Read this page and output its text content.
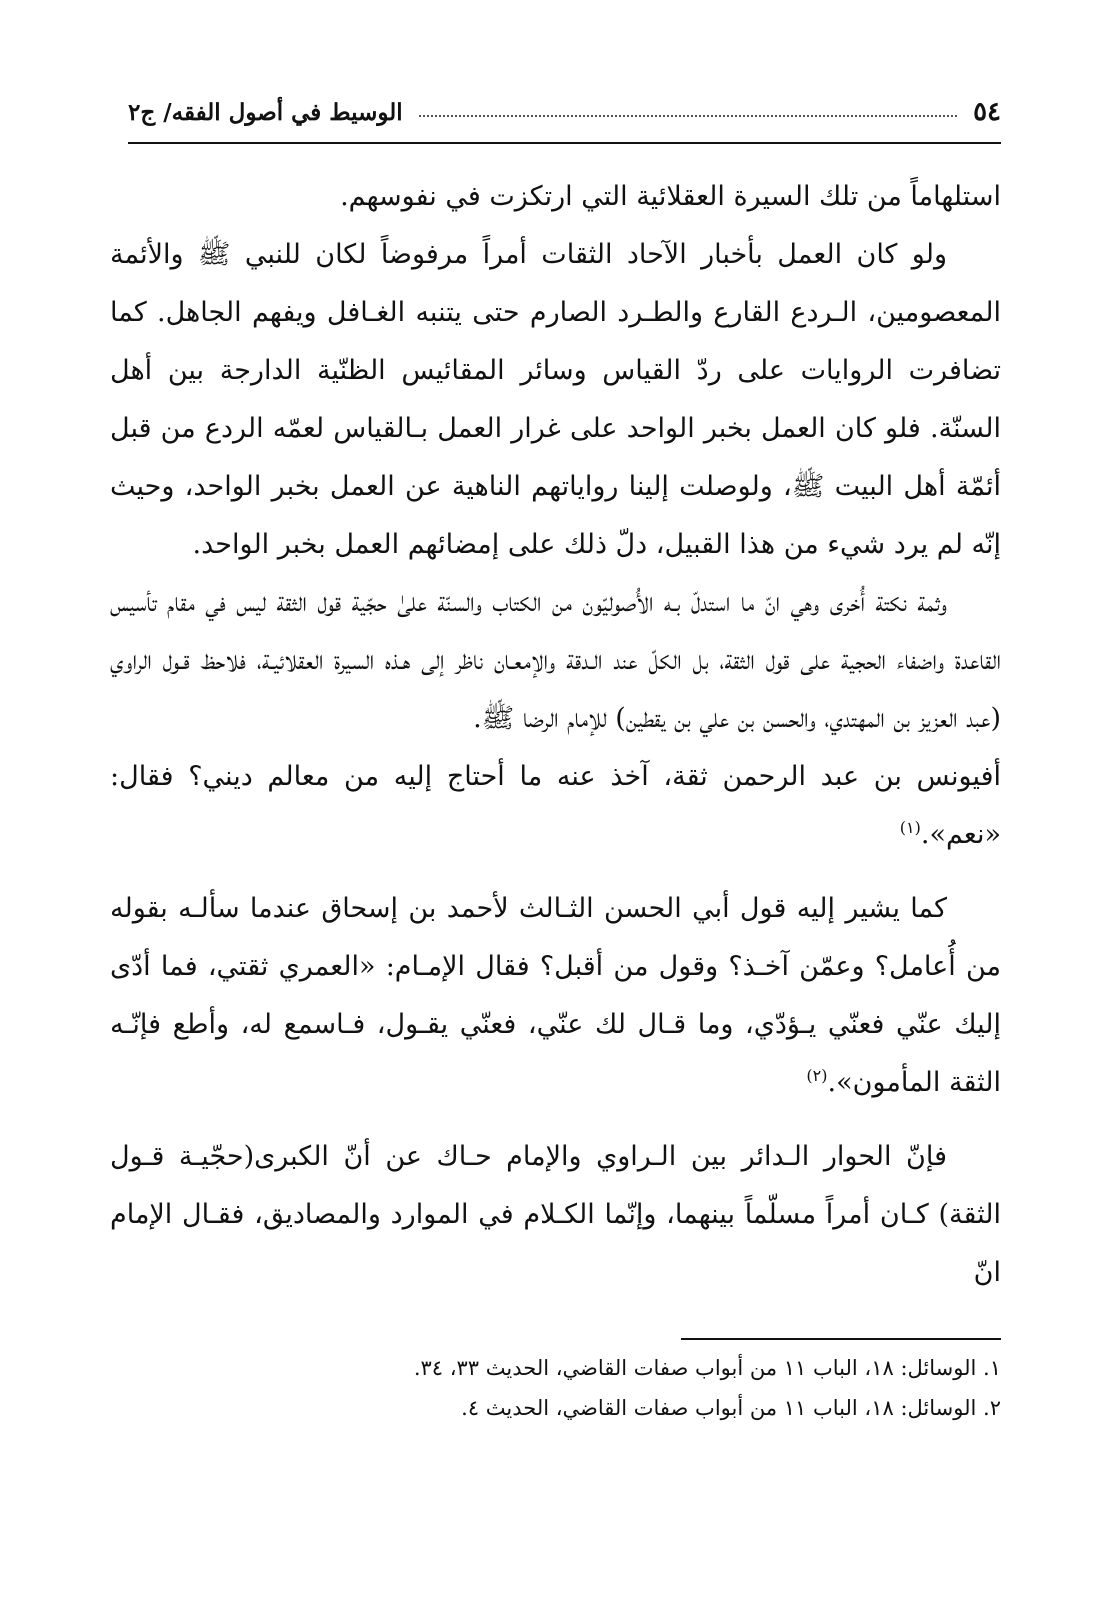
٥٤
الوسيط في أصول الفقه/ ج٢

استلهاماً من تلك السيرة العقلائية التي ارتكزت في نفوسهم.

ولو كان العمل بأخبار الآحاد الثقات أمراً مرفوضاً لكان للنبي ﷺ والأئمة المعصومين، الـردع القارع والطـرد الصارم حتى يتنبه الغـافل ويفهم الجاهل. كما تضافرت الروايات على ردّ القياس وسائر المقائيس الظنّية الدارجة بين أهل السنّة. فلو كان العمل بخبر الواحد على غرار العمل بـالقياس لعمّه الردع من قبل أئمّة أهل البيت ﷺ، ولوصلت إلينا رواياتهم الناهية عن العمل بخبر الواحد، وحيث إنّه لم يرد شيء من هذا القبيل، دلّ ذلك على إمضائهم العمل بخبر الواحد.

وثمة نكتة أُخرى وهي انّ ما استدلّ بـه الأُصوليّون من الكتاب والسنّة علىٰ حجّية قول الثقة ليس في مقام تأسيس القاعدة واضفاء الحجية على قول الثقة، بل الكلّ عند الـدقة والإمعـان ناظر إلى هـذه السيرة العقلائيـة، فلاحظ قـول الراوي (عبد العزيز بن المهتدي، والحسن بن علي بن يقطين) للإمام الرضا ﷺ.

أفيونس بن عبد الرحمن ثقة، آخذ عنه ما أحتاج إليه من معالم ديني؟ فقال: «نعم».$^{(١)}$

كما يشير إليه قول أبي الحسن الثـالث لأحمد بن إسحاق عندما سألـه بقوله من أُعامل؟ وعمّن آخـذ؟ وقول من أقبل؟ فقال الإمـام: «العمري ثقتي، فما أدّى إليك عنّي فعنّي يـؤدّي، وما قـال لك عنّي، فعنّي يقـول، فـاسمع له، وأطع فإنّـه الثقة المأمون».$^{(٢)}$

فإنّ الحوار الـدائر بين الـراوي والإمام حـاك عن أنّ الكبرى(حجّيـة قـول الثقة) كـان أمراً مسلّماً بينهما، وإنّما الكـلام في الموارد والمصاديق، فقـال الإمام انّ

١. الوسائل: ١٨، الباب ١١ من أبواب صفات القاضي، الحديث ٣٣، ٣٤.

٢. الوسائل: ١٨، الباب ١١ من أبواب صفات القاضي، الحديث ٤.
